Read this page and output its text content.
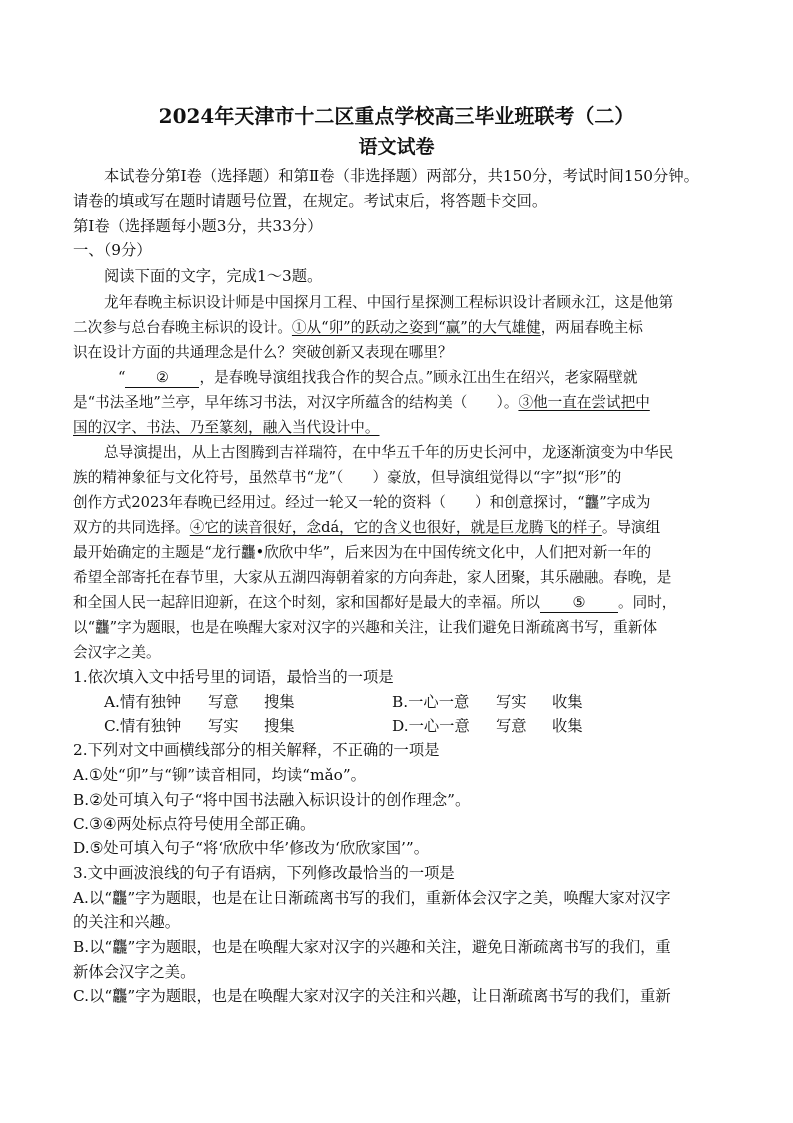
2024年天津市十二区重点学校高三毕业班联考（二）
语文试卷
本试卷分第Ⅰ卷（选择题）和第Ⅱ卷（非选择题）两部分，共150分，考试时间150分钟。
请卷的填或写在题时请题号位置，在规定。考试束后，将答题卡交回。
第Ⅰ卷（选择题每小题3分，共33分）
一、（9分）
阅读下面的文字，完成1～3题。
龙年春晚主标识设计师是中国探月工程、中国行星探测工程标识设计者顾永江，这是他第
二次参与总台春晚主标识的设计。①从“卯”的跃动之姿到“赢”的大气雄健，两届春晚主标
识在设计方面的共通理念是什么？突破创新又表现在哪里？
“ ② ，是春晚导演组找我合作的契合点。”顾永江出生在绍兴，老家隔壁就
是“书法圣地”兰亭，早年练习书法，对汉字所蕴含的结构美（　　）。③他一直在尝试把中
国的汉字、书法、乃至篆刻，融入当代设计中。
总导演提出，从上古图腾到吉祥瑞符，在中华五千年的历史长河中，龙逐渐演变为中华民
族的精神象征与文化符号，虽然草书“龙”（　　）豪放，但导演组觉得以“字”拟“形”的
创作方式2023年春晚已经用过。经过一轮又一轮的资料（　　）和创意探讨，“龘”字成为
双方的共同选择。④它的读音很好，念dá，它的含义也很好，就是巨龙腾飞的样子。导演组
最开始确定的主题是“龙行龘•欣欣中华”，后来因为在中国传统文化中，人们把对新一年的
希望全部寄托在春节里，大家从五湖四海朝着家的方向奔赴，家人团聚，其乐融融。春晚，是
和全国人民一起辞旧迎新，在这个时刻，家和国都好是最大的幸福。所以 ⑤ 。同时，
以“龘”字为题眼，也是在唤醒大家对汉字的兴趣和关注，让我们避免日渐疏离书写，重新体
会汉字之美。
1.依次填入文中括号里的词语，最恰当的一项是
A.情有独钟 写意 搜集	B.一心一意 写实 收集
C.情有独钟 写实 搜集	D.一心一意 写意 收集
2.下列对文中画横线部分的相关解释，不正确的一项是
A.①处“卯”与“铆”读音相同，均读“mǎo”。
B.②处可填入句子“将中国书法融入标识设计的创作理念”。
C.③④两处标点符号使用全部正确。
D.⑤处可填入句子“将‘欣欣中华’修改为‘欣欣家国’”。
3.文中画波浪线的句子有语病，下列修改最恰当的一项是
A.以“龘”字为题眼，也是在让日渐疏离书写的我们，重新体会汉字之美，唤醒大家对汉字
的关注和兴趣。
B.以“龘”字为题眼，也是在唤醒大家对汉字的兴趣和关注，避免日渐疏离书写的我们，重
新体会汉字之美。
C.以“龘”字为题眼，也是在唤醒大家对汉字的关注和兴趣，让日渐疏离书写的我们，重新
